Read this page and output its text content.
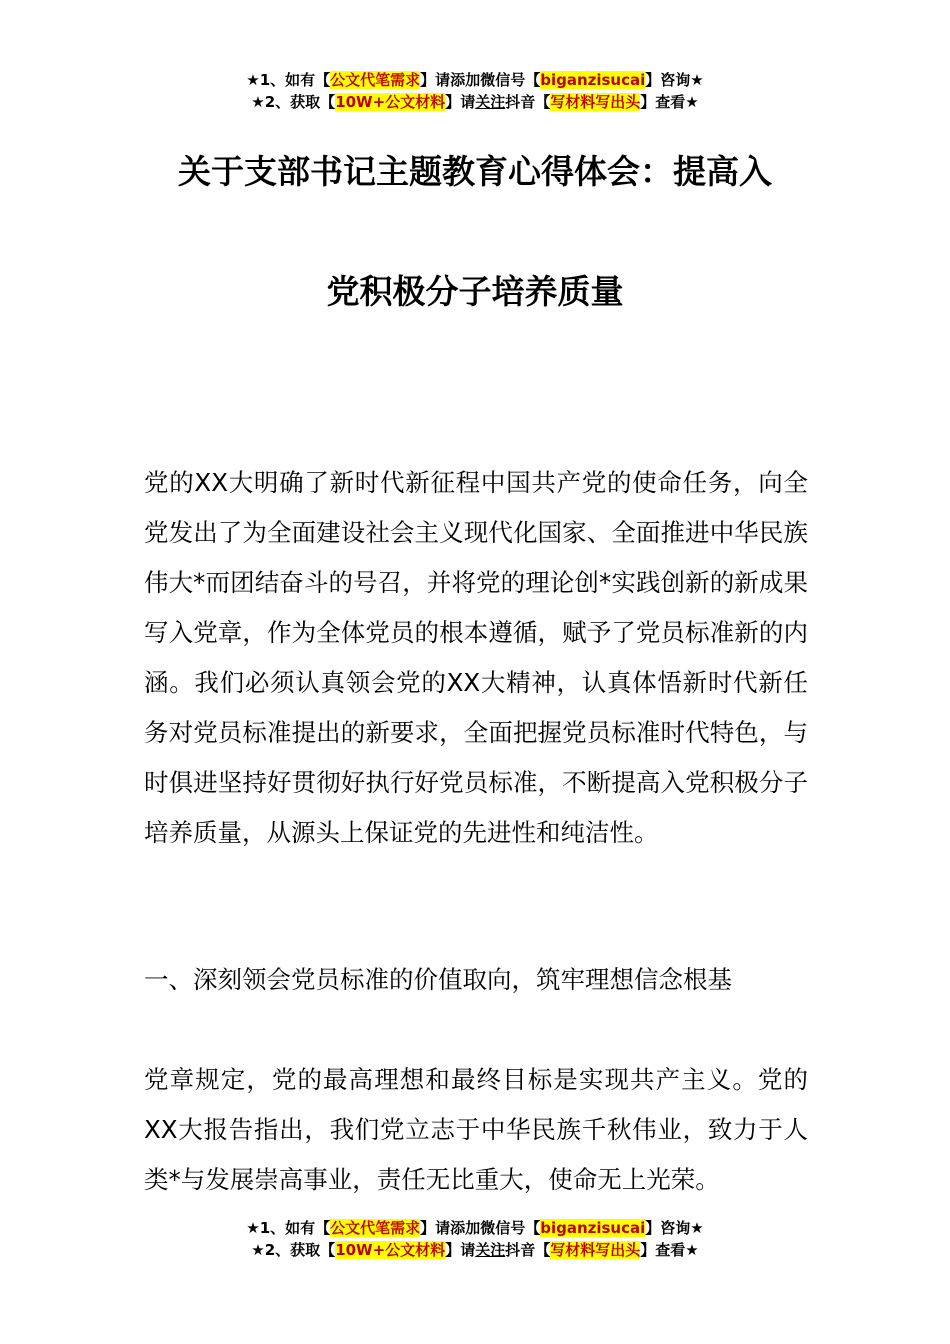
★1、如有【公文代笔需求】请添加微信号【biganzisucai】咨询★
★2、获取【10W+公文材料】请关注抖音【写材料写出头】查看★
关于支部书记主题教育心得体会：提高入
党积极分子培养质量

党的XX大明确了新时代新征程中国共产党的使命任务，向全党发出了为全面建设社会主义现代化国家、全面推进中华民族伟大*而团结奋斗的号召，并将党的理论创*实践创新的新成果写入党章，作为全体党员的根本遵循，赋予了党员标准新的内涵。我们必须认真领会党的XX大精神，认真体悟新时代新任务对党员标准提出的新要求，全面把握党员标准时代特色，与时俱进坚持好贯彻好执行好党员标准，不断提高入党积极分子培养质量，从源头上保证党的先进性和纯洁性。

一、深刻领会党员标准的价值取向，筑牢理想信念根基

党章规定，党的最高理想和最终目标是实现共产主义。党的XX大报告指出，我们党立志于中华民族千秋伟业，致力于人类*与发展崇高事业，责任无比重大，使命无上光荣。

★1、如有【公文代笔需求】请添加微信号【biganzisucai】咨询★
★2、获取【10W+公文材料】请关注抖音【写材料写出头】查看★
